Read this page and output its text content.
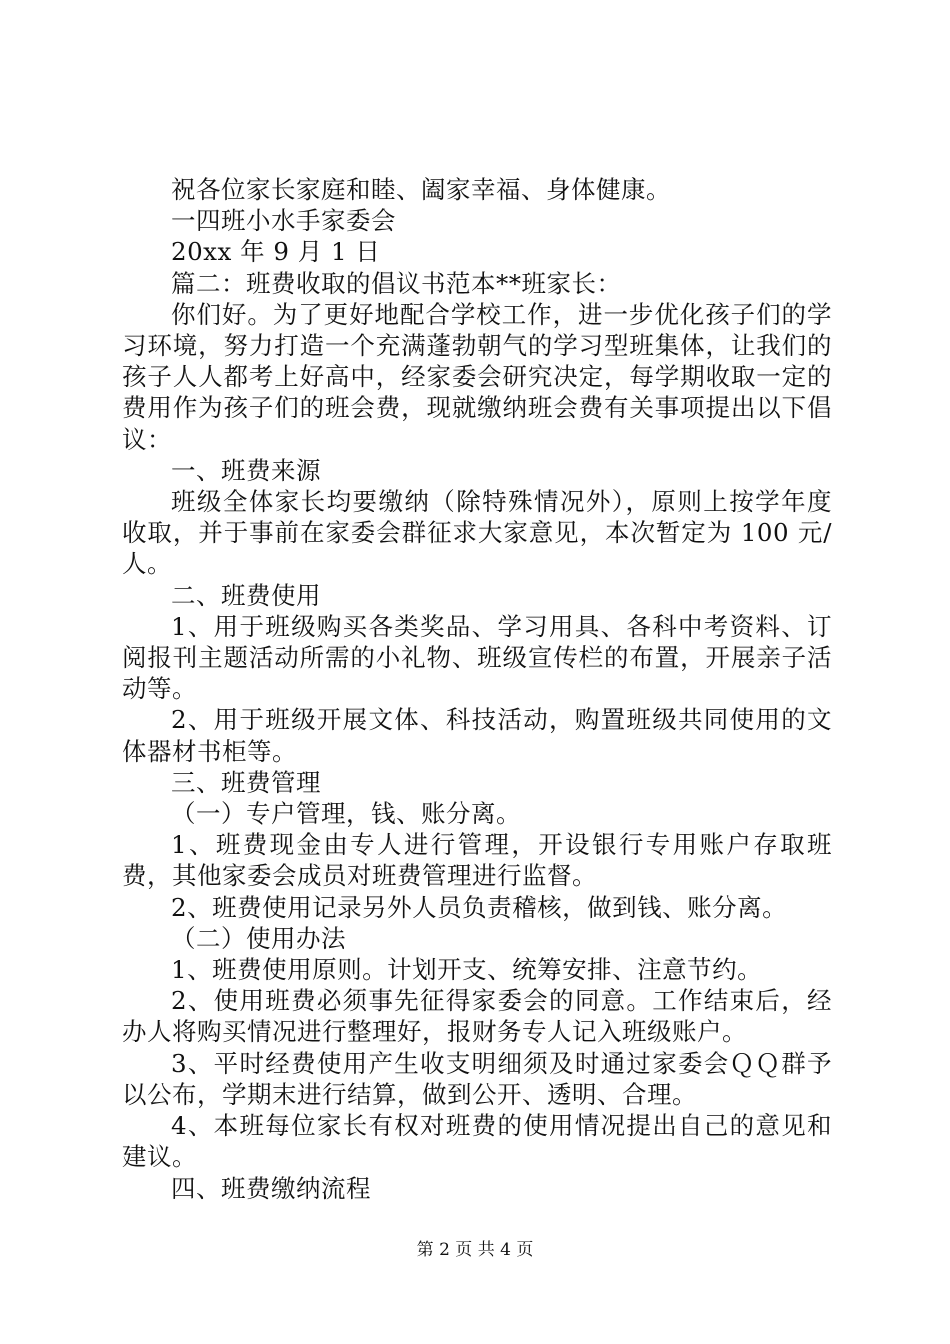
祝各位家长家庭和睦、阖家幸福、身体健康。

一四班小水手家委会

20xx 年 9 月 1 日

篇二：班费收取的倡议书范本**班家长：

你们好。为了更好地配合学校工作，进一步优化孩子们的学习环境，努力打造一个充满蓬勃朝气的学习型班集体，让我们的孩子人人都考上好高中，经家委会研究决定，每学期收取一定的费用作为孩子们的班会费，现就缴纳班会费有关事项提出以下倡议：

一、班费来源

班级全体家长均要缴纳（除特殊情况外），原则上按学年度收取，并于事前在家委会群征求大家意见，本次暂定为 100 元/人。

二、班费使用

1、用于班级购买各类奖品、学习用具、各科中考资料、订阅报刊主题活动所需的小礼物、班级宣传栏的布置，开展亲子活动等。

2、用于班级开展文体、科技活动，购置班级共同使用的文体器材书柜等。

三、班费管理

（一）专户管理，钱、账分离。

1、班费现金由专人进行管理，开设银行专用账户存取班费，其他家委会成员对班费管理进行监督。

2、班费使用记录另外人员负责稽核，做到钱、账分离。

（二）使用办法

1、班费使用原则。计划开支、统筹安排、注意节约。

2、使用班费必须事先征得家委会的同意。工作结束后，经办人将购买情况进行整理好，报财务专人记入班级账户。

3、平时经费使用产生收支明细须及时通过家委会ＱＱ群予以公布，学期末进行结算，做到公开、透明、合理。

4、本班每位家长有权对班费的使用情况提出自己的意见和建议。

四、班费缴纳流程

第 2 页 共 4 页
